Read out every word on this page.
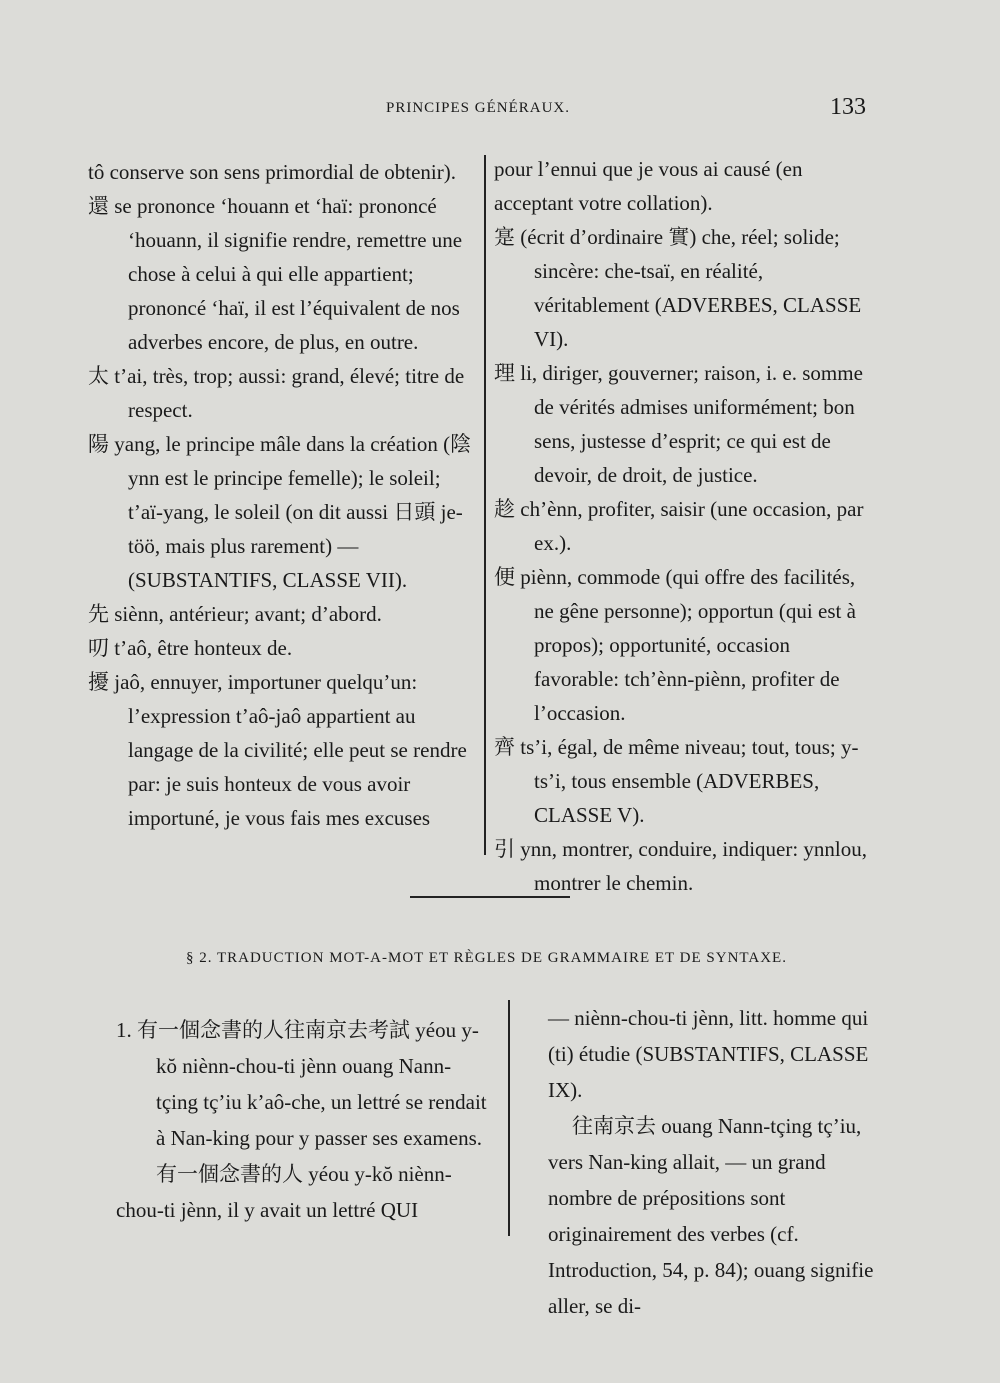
PRINCIPES GÉNÉRAUX.	133

tô conserve son sens primordial de obtenir).

還 se prononce ‘houann et ‘haï: prononcé ‘houann, il signifie rendre, remettre une chose à celui à qui elle appartient; prononcé ‘haï, il est l’équivalent de nos adverbes encore, de plus, en outre.

太 t’ai, très, trop; aussi: grand, élevé; titre de respect.

陽 yang, le principe mâle dans la création (陰 ynn est le principe femelle); le soleil; t’aï-yang, le soleil (on dit aussi 日頭 je-töö, mais plus rarement) — (SUBSTANTIFS, CLASSE VII).

先 siènn, antérieur; avant; d’abord.

叨 t’aô, être honteux de.

擾 jaô, ennuyer, importuner quelqu’un: l’expression t’aô-jaô appartient au langage de la civilité; elle peut se rendre par: je suis honteux de vous avoir importuné, je vous fais mes excuses

pour l’ennui que je vous ai causé (en acceptant votre collation).

寔 (écrit d’ordinaire 實) che, réel; solide; sincère: che-tsaï, en réalité, véritablement (ADVERBES, CLASSE VI).

理 li, diriger, gouverner; raison, i. e. somme de vérités admises uniformément; bon sens, justesse d’esprit; ce qui est de devoir, de droit, de justice.

趁 ch’ènn, profiter, saisir (une occasion, par ex.).

便 piènn, commode (qui offre des facilités, ne gêne personne); opportun (qui est à propos); opportunité, occasion favorable: tch’ènn-piènn, profiter de l’occasion.

齊 ts’i, égal, de même niveau; tout, tous; y-ts’i, tous ensemble (ADVERBES, CLASSE V).

引 ynn, montrer, conduire, indiquer: ynnlou, montrer le chemin.

§ 2. TRADUCTION MOT-A-MOT ET RÈGLES DE GRAMMAIRE ET DE SYNTAXE.

1. 有一個念書的人往南京去考試 yéou y-kŏ niènn-chou-ti jènn ouang Nann-tçing tç’iu k’aô-che, un lettré se rendait à Nan-king pour y passer ses examens.

有一個念書的人 yéou y-kŏ niènn-chou-ti jènn, il y avait un lettré QUI

— niènn-chou-ti jènn, litt. homme qui (ti) étudie (SUBSTANTIFS, CLASSE IX).

往南京去 ouang Nann-tçing tç’iu, vers Nan-king allait, — un grand nombre de prépositions sont originairement des verbes (cf. Introduction, 54, p. 84); ouang signifie aller, se di-
